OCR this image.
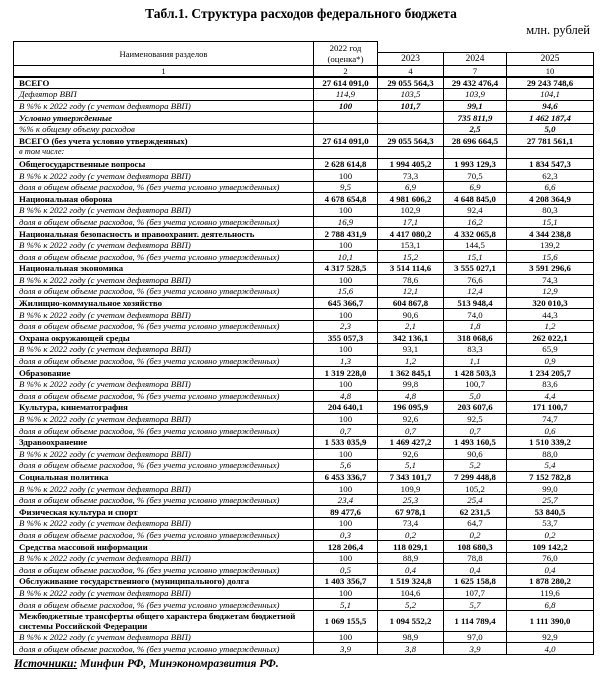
Табл.1. Структура расходов федерального бюджета
млн. рублей
Наименования разделов	2022 год
(оценка*)			
		2023	2024	2025
1	2	4	7	10
ВСЕГО	27 614 091,0	29 055 564,3	29 432 476,4	29 243 748,6
Дефлятор ВВП	114,9	103,5	103,9	104,1
В %% к 2022 году (с учетом дефлятора ВВП)	100	101,7	99,1	94,6
Условно утвержденные			735 811,9	1 462 187,4
%% к общему объему расходов			2,5	5,0
ВСЕГО (без учета условно утвержденных)	27 614 091,0	29 055 564,3	28 696 664,5	27 781 561,1
в том числе:				
Общегосударственные вопросы	2 628 614,8	1 994 405,2	1 993 129,3	1 834 547,3
В %% к 2022 году (с учетом дефлятора ВВП)	100	73,3	70,5	62,3
доля в общем объеме расходов, % (без учета условно утвержденных)	9,5	6,9	6,9	6,6
Национальная оборона	4 678 654,8	4 981 606,2	4 648 845,0	4 208 364,9
В %% к 2022 году (с учетом дефлятора ВВП)	100	102,9	92,4	80,3
доля в общем объеме расходов, % (без учета условно утвержденных)	16,9	17,1	16,2	15,1
Национальная безопасность и правоохранит. деятельность	2 788 431,9	4 417 080,2	4 332 065,8	4 344 238,8
В %% к 2022 году (с учетом дефлятора ВВП)	100	153,1	144,5	139,2
доля в общем объеме расходов, % (без учета условно утвержденных)	10,1	15,2	15,1	15,6
Национальная экономика	4 317 528,5	3 514 114,6	3 555 027,1	3 591 296,6
В %% к 2022 году (с учетом дефлятора ВВП)	100	78,6	76,6	74,3
доля в общем объеме расходов, % (без учета условно утвержденных)	15,6	12,1	12,4	12,9
Жилищно-коммунальное хозяйство	645 366,7	604 867,8	513 948,4	320 010,3
В %% к 2022 году (с учетом дефлятора ВВП)	100	90,6	74,0	44,3
доля в общем объеме расходов, % (без учета условно утвержденных)	2,3	2,1	1,8	1,2
Охрана окружающей среды	355 057,3	342 136,1	318 068,6	262 022,1
В %% к 2022 году (с учетом дефлятора ВВП)	100	93,1	83,3	65,9
доля в общем объеме расходов, % (без учета условно утвержденных)	1,3	1,2	1,1	0,9
Образование	1 319 228,0	1 362 845,1	1 428 503,3	1 234 205,7
В %% к 2022 году (с учетом дефлятора ВВП)	100	99,8	100,7	83,6
доля в общем объеме расходов, % (без учета условно утвержденных)	4,8	4,8	5,0	4,4
Культура, кинематография	204 640,1	196 095,9	203 607,6	171 100,7
В %% к 2022 году (с учетом дефлятора ВВП)	100	92,6	92,5	74,7
доля в общем объеме расходов, % (без учета условно утвержденных)	0,7	0,7	0,7	0,6
Здравоохранение	1 533 035,9	1 469 427,2	1 493 160,5	1 510 339,2
В %% к 2022 году (с учетом дефлятора ВВП)	100	92,6	90,6	88,0
доля в общем объеме расходов, % (без учета условно утвержденных)	5,6	5,1	5,2	5,4
Социальная политика	6 453 336,7	7 343 101,7	7 299 448,8	7 152 782,8
В %% к 2022 году (с учетом дефлятора ВВП)	100	109,9	105,2	99,0
доля в общем объеме расходов, % (без учета условно утвержденных)	23,4	25,3	25,4	25,7
Физическая культура и спорт	89 477,6	67 978,1	62 231,5	53 840,5
В %% к 2022 году (с учетом дефлятора ВВП)	100	73,4	64,7	53,7
доля в общем объеме расходов, % (без учета условно утвержденных)	0,3	0,2	0,2	0,2
Средства массовой информации	128 206,4	118 029,1	108 680,3	109 142,2
В %% к 2022 году (с учетом дефлятора ВВП)	100	88,9	78,8	76,0
доля в общем объеме расходов, % (без учета условно утвержденных)	0,5	0,4	0,4	0,4
Обслуживание государственного (муниципального) долга	1 403 356,7	1 519 324,8	1 625 158,8	1 878 280,2
В %% к 2022 году (с учетом дефлятора ВВП)	100	104,6	107,7	119,6
доля в общем объеме расходов, % (без учета условно утвержденных)	5,1	5,2	5,7	6,8
Межбюджетные трансферты общего характера бюджетам бюджетной системы Российской Федерации	1 069 155,5	1 094 552,2	1 114 789,4	1 111 390,0
В %% к 2022 году (с учетом дефлятора ВВП)	100	98,9	97,0	92,9
доля в общем объеме расходов, % (без учета условно утвержденных)	3,9	3,8	3,9	4,0
Источники: Минфин РФ, Минэкономразвития РФ.
